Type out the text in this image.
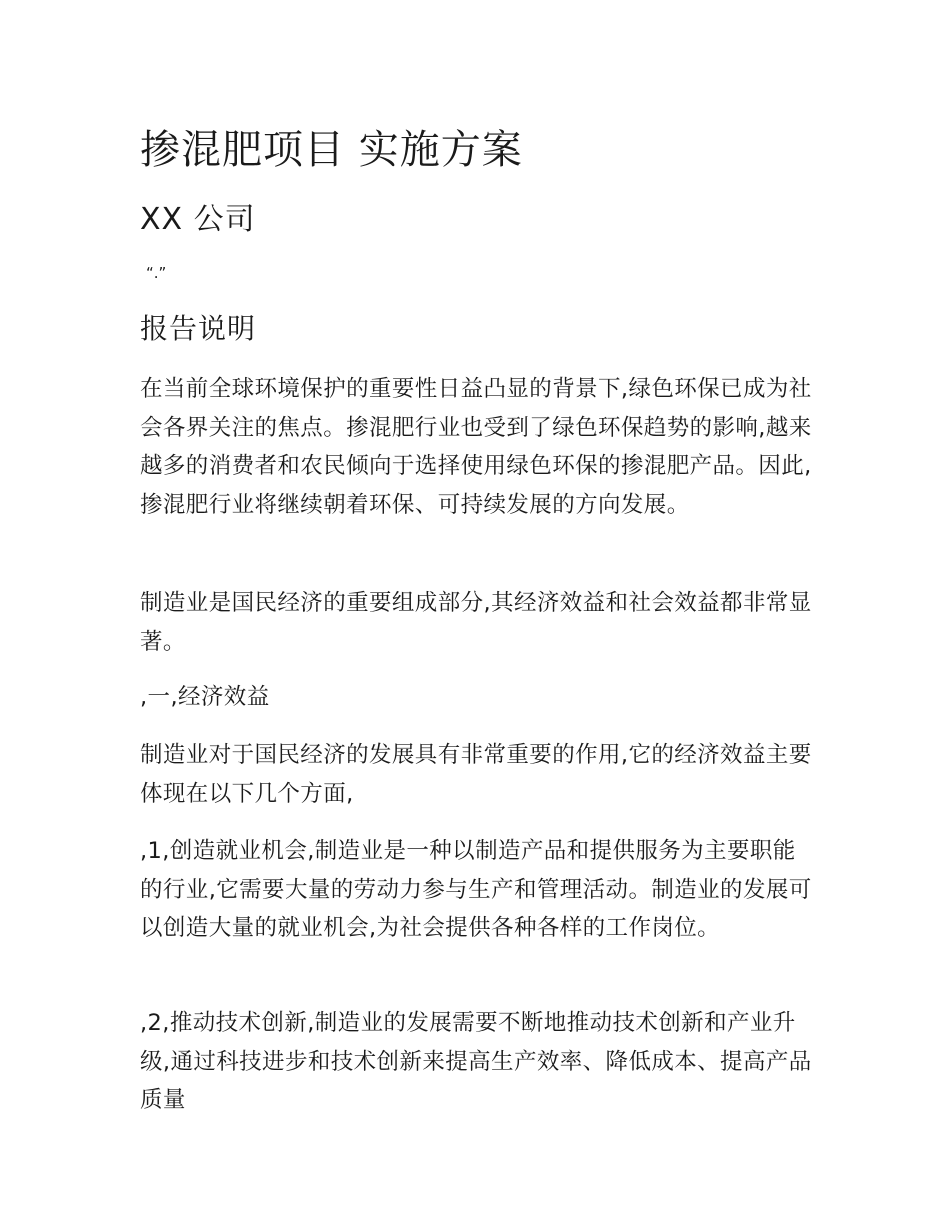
掺混肥项目 实施方案
XX 公司
“.”
报告说明

在当前全球环境保护的重要性日益凸显的背景下,绿色环保已成为社会各界关注的焦点。掺混肥行业也受到了绿色环保趋势的影响,越来越多的消费者和农民倾向于选择使用绿色环保的掺混肥产品。因此,掺混肥行业将继续朝着环保、可持续发展的方向发展。

制造业是国民经济的重要组成部分,其经济效益和社会效益都非常显著。

,一,经济效益

制造业对于国民经济的发展具有非常重要的作用,它的经济效益主要体现在以下几个方面,

,1,创造就业机会,制造业是一种以制造产品和提供服务为主要职能的行业,它需要大量的劳动力参与生产和管理活动。制造业的发展可以创造大量的就业机会,为社会提供各种各样的工作岗位。

,2,推动技术创新,制造业的发展需要不断地推动技术创新和产业升级,通过科技进步和技术创新来提高生产效率、降低成本、提高产品质量
